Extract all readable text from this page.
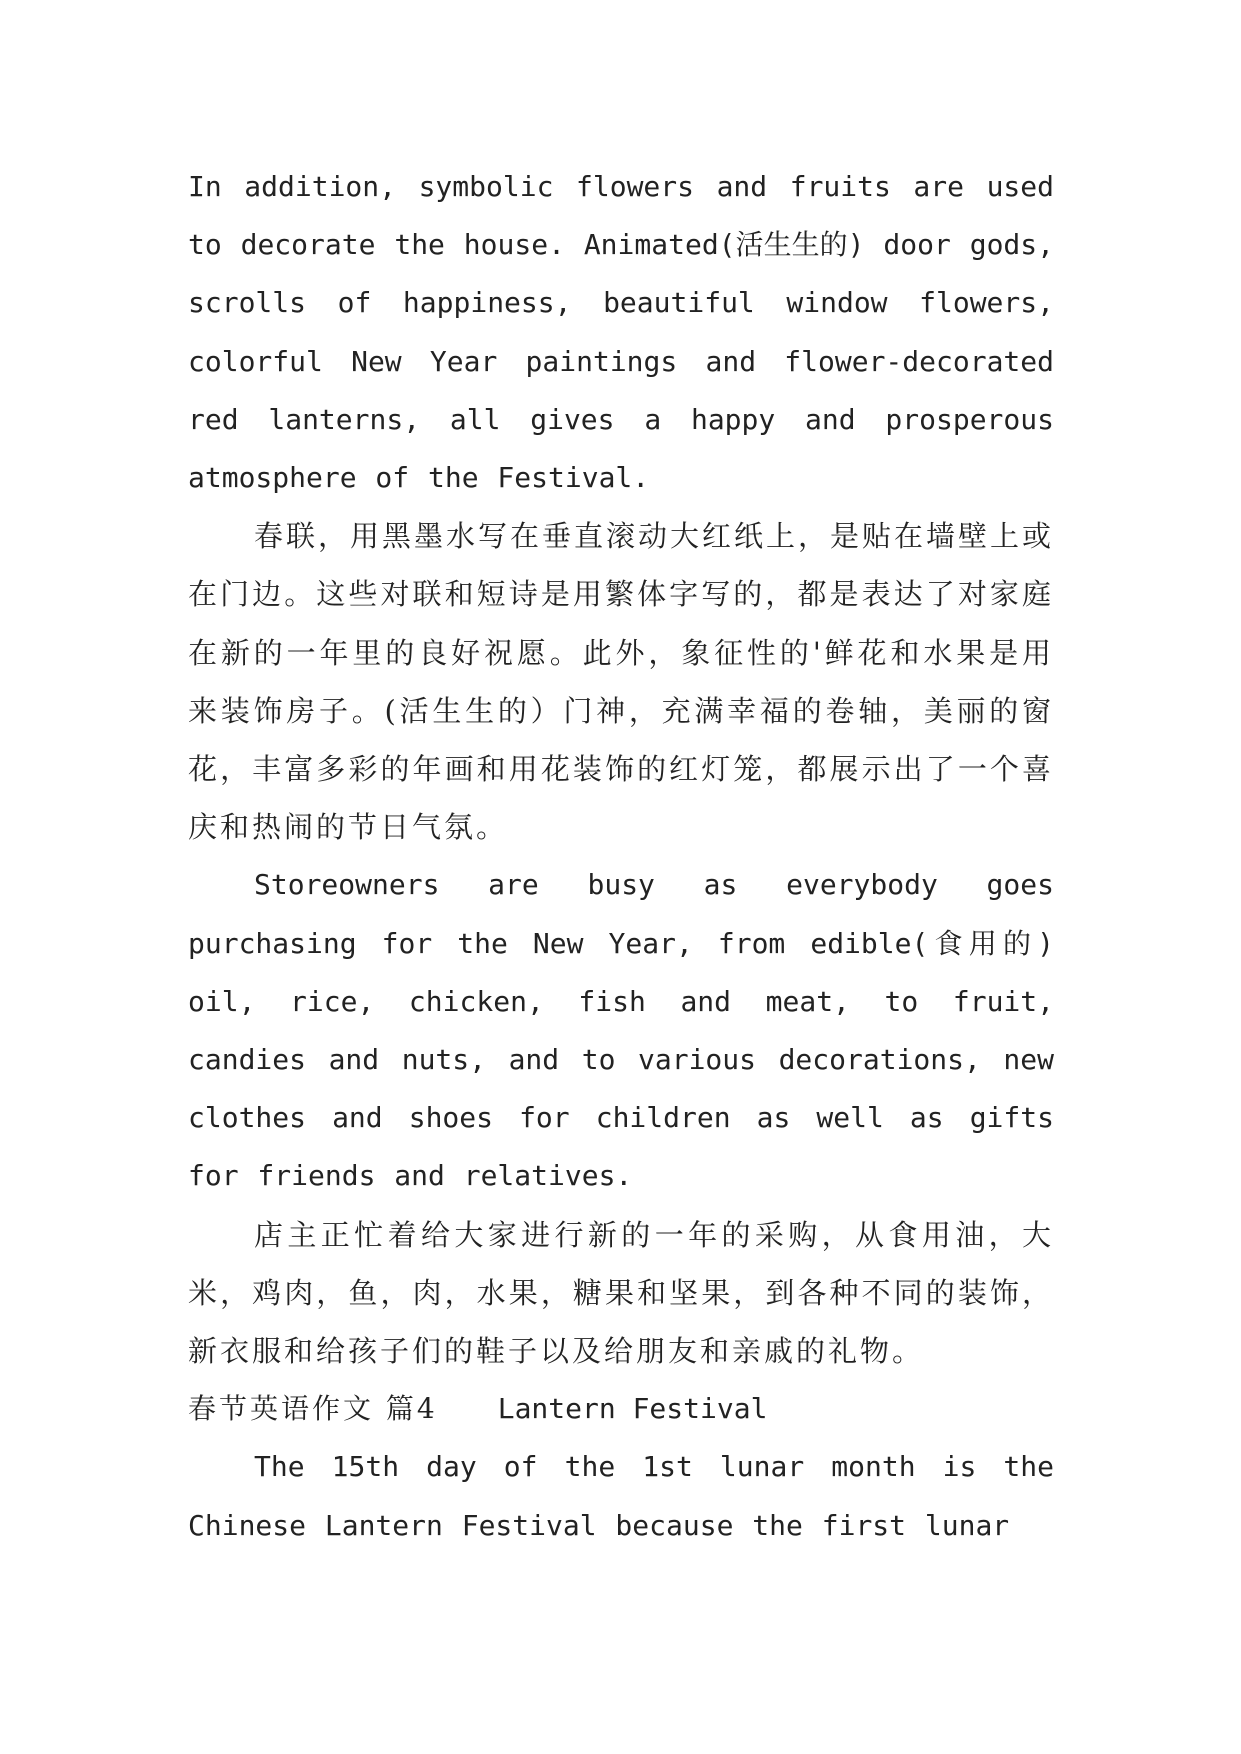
In addition, symbolic flowers and fruits are used to decorate the house. Animated(活生生的) door gods, scrolls of happiness, beautiful window flowers, colorful New Year paintings and flower-decorated red lanterns, all gives a happy and prosperous atmosphere of the Festival.

春联，用黑墨水写在垂直滚动大红纸上，是贴在墙壁上或在门边。这些对联和短诗是用繁体字写的，都是表达了对家庭在新的一年里的良好祝愿。此外，象征性的'鲜花和水果是用来装饰房子。(活生生的）门神，充满幸福的卷轴，美丽的窗花，丰富多彩的年画和用花装饰的红灯笼，都展示出了一个喜庆和热闹的节日气氛。

Storeowners are busy as everybody goes purchasing for the New Year, from edible(食用的) oil, rice, chicken, fish and meat, to fruit, candies and nuts, and to various decorations, new clothes and shoes for children as well as gifts for friends and relatives.

店主正忙着给大家进行新的一年的采购，从食用油，大米，鸡肉，鱼，肉，水果，糖果和坚果，到各种不同的装饰，新衣服和给孩子们的鞋子以及给朋友和亲戚的礼物。

春节英语作文 篇4 Lantern Festival

The 15th day of the 1st lunar month is the Chinese Lantern Festival because the first lunar
